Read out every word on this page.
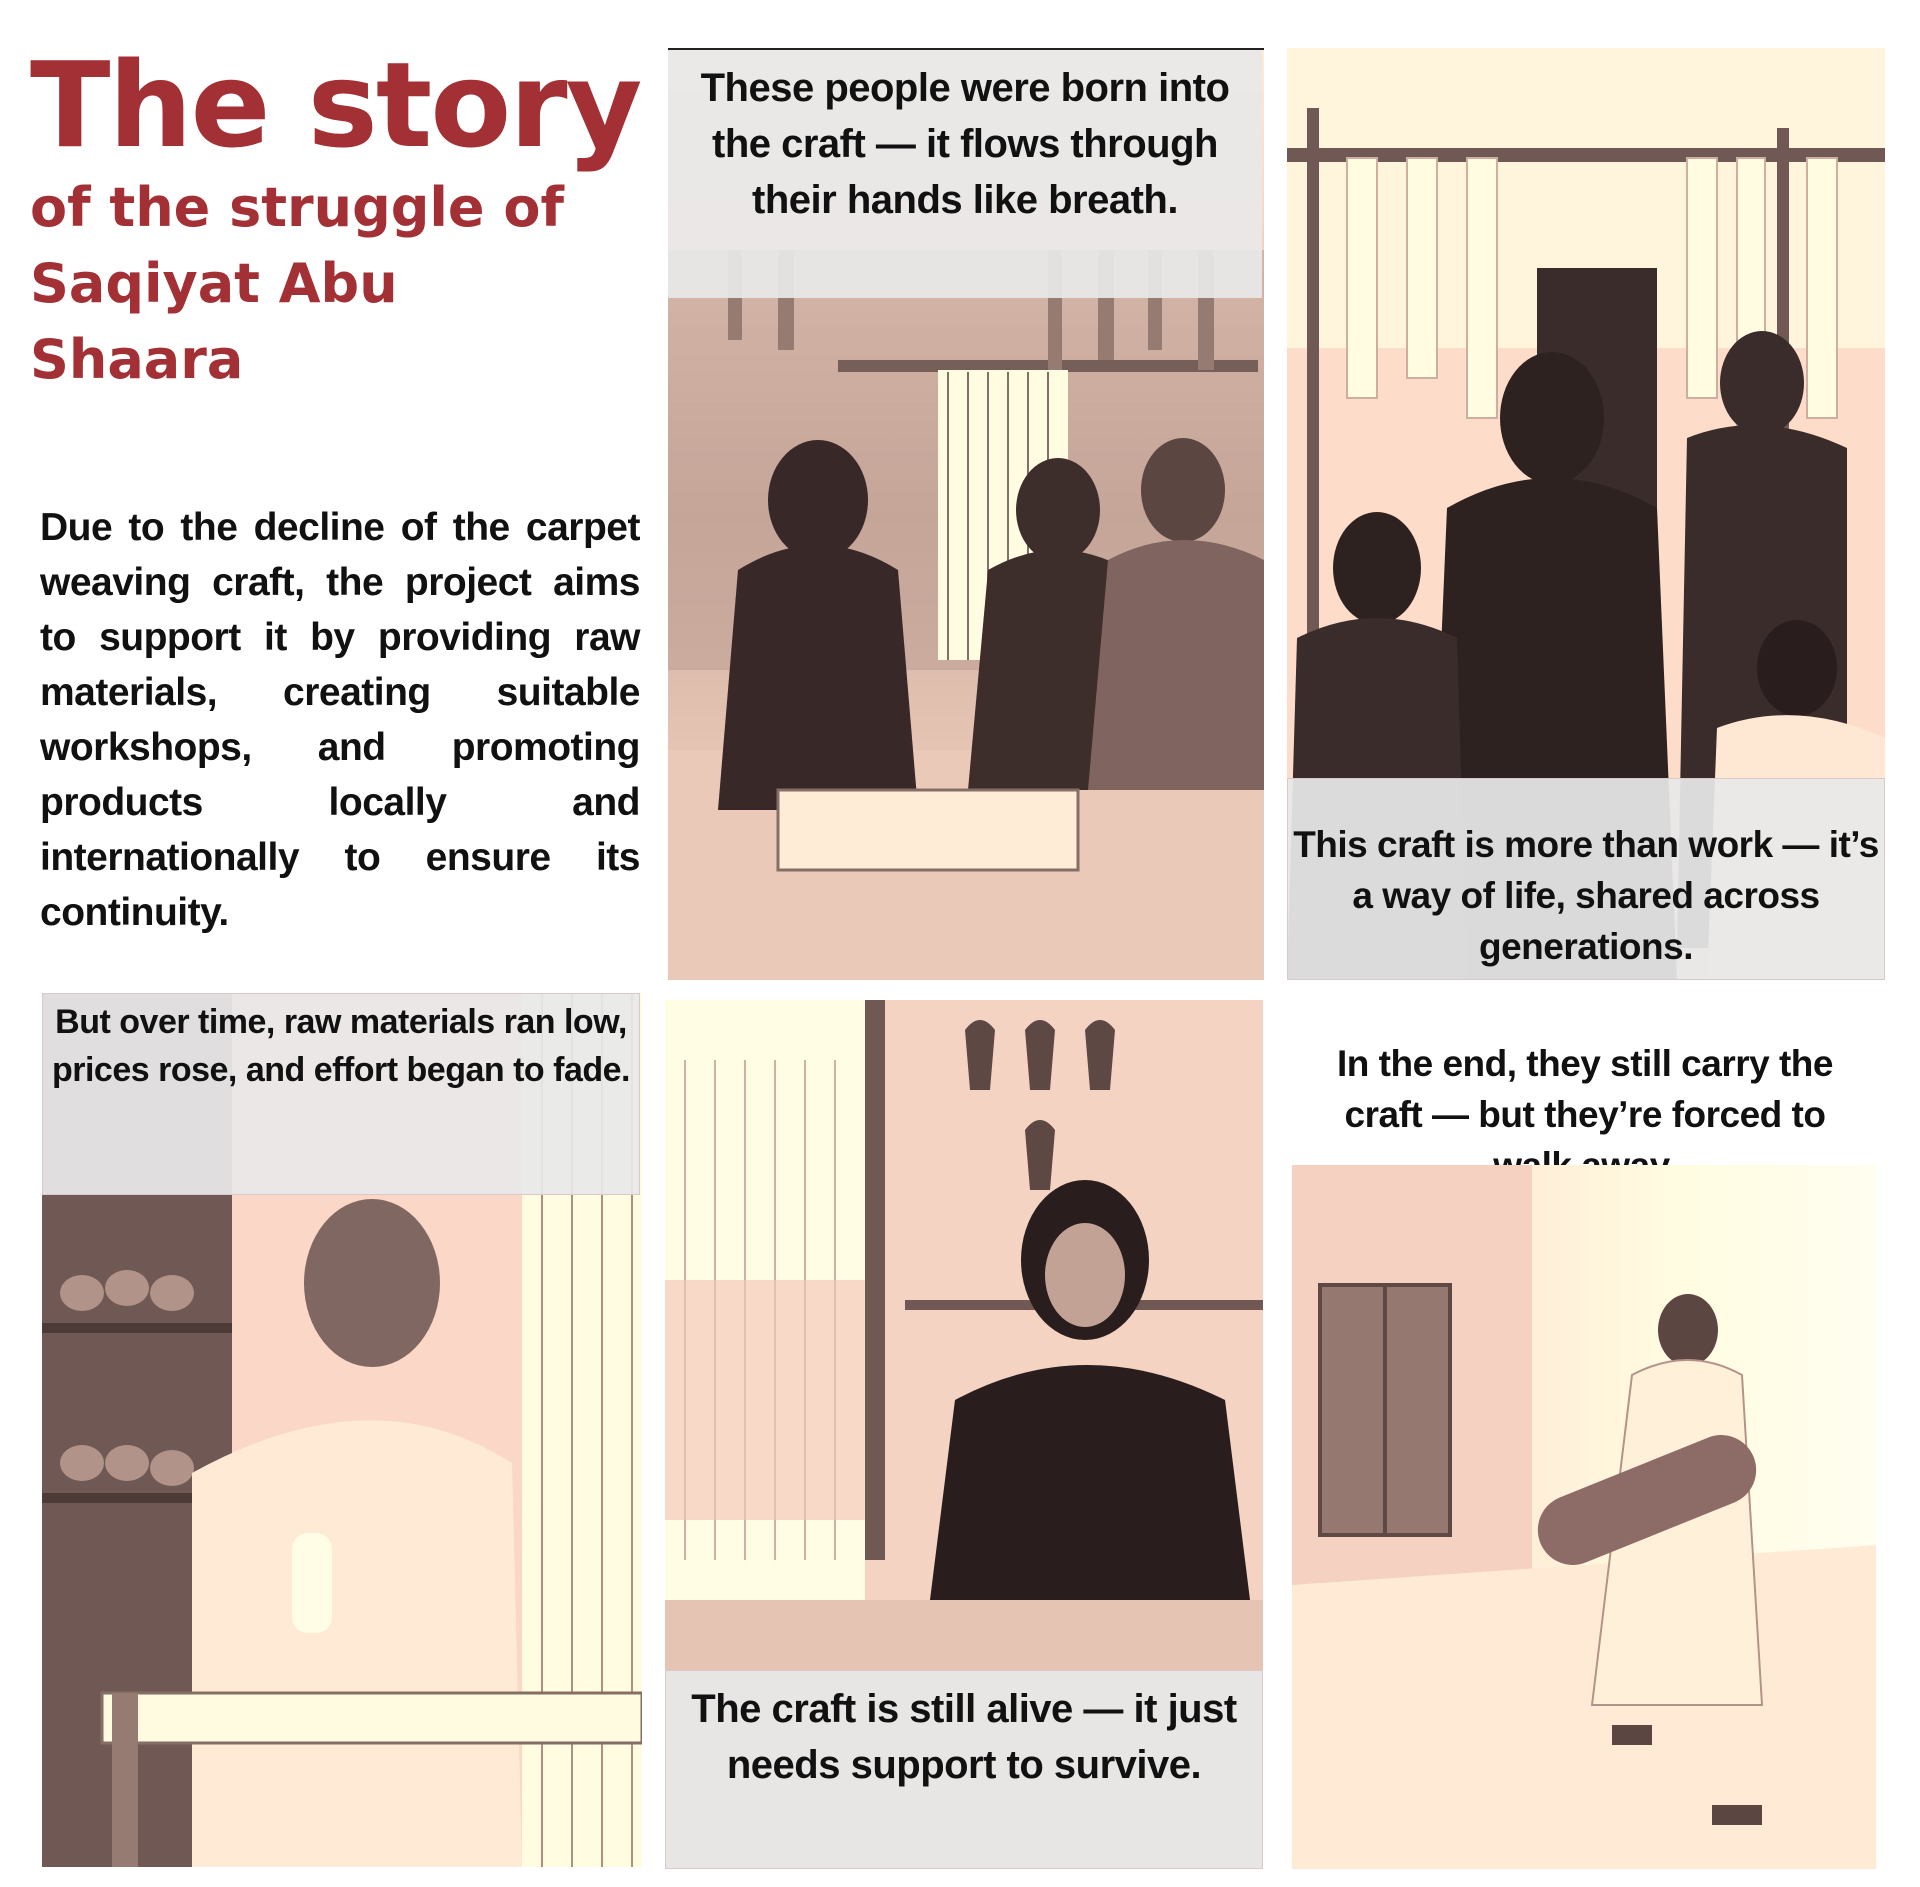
The story
of the struggle of
Saqiyat Abu
Shaara
Due to the decline of the carpet weaving craft, the project aims to support it by providing raw materials, creating suitable workshops, and promoting products locally and internationally to ensure its continuity.
These people were born into the craft — it flows through their hands like breath.
This craft is more than work — it’s a way of life, shared across generations.
But over time, raw materials ran low, prices rose, and effort began to fade.
The craft is still alive — it just needs support to survive.
In the end, they still carry the craft — but they’re forced to
